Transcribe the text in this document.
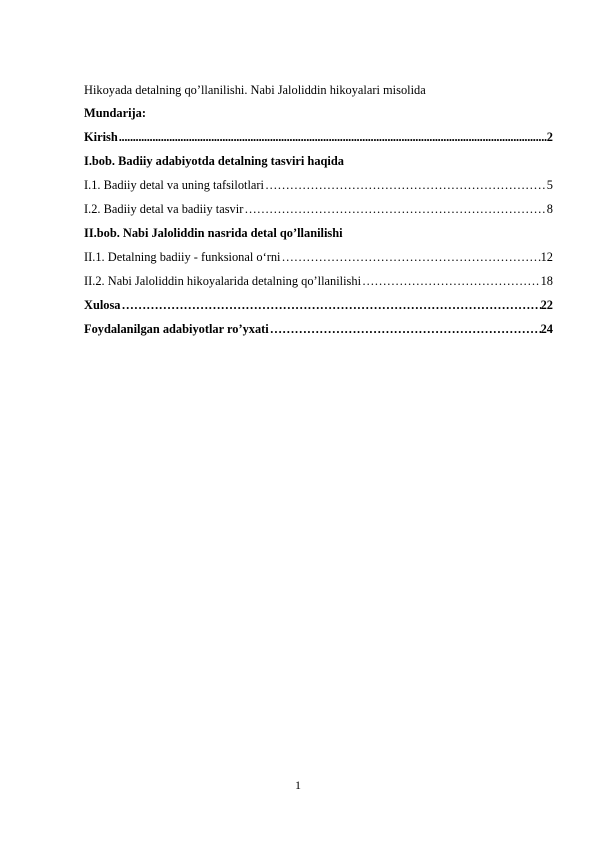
Hikoyada detalning qo’llanilishi. Nabi Jaloliddin hikoyalari misolida
Mundarija:
Kirish .....	2
I.bob. Badiiy adabiyotda detalning tasviri haqida
I.1. Badiiy detal va uning tafsilotlari ……………………………………………………………………………………………………………………………………………………	5
I.2. Badiiy detal va badiiy tasvir ……………………………………………………………………………………………………………………………………………………	8
II.bob. Nabi Jaloliddin nasrida detal qo’llanilishi
II.1. Detalning badiiy - funksional o‘rni ……………………………………………………………………………………………………………………………………………………	12
II.2. Nabi Jaloliddin hikoyalarida detalning qo’llanilishi ……………………………………………………………………………………………………………………………………………………	18
Xulosa ……………………………………………………………………………………………………………………………………………………	22
Foydalanilgan adabiyotlar ro’yxati ……………………………………………………………………………………………………………………………………………………	24
1
